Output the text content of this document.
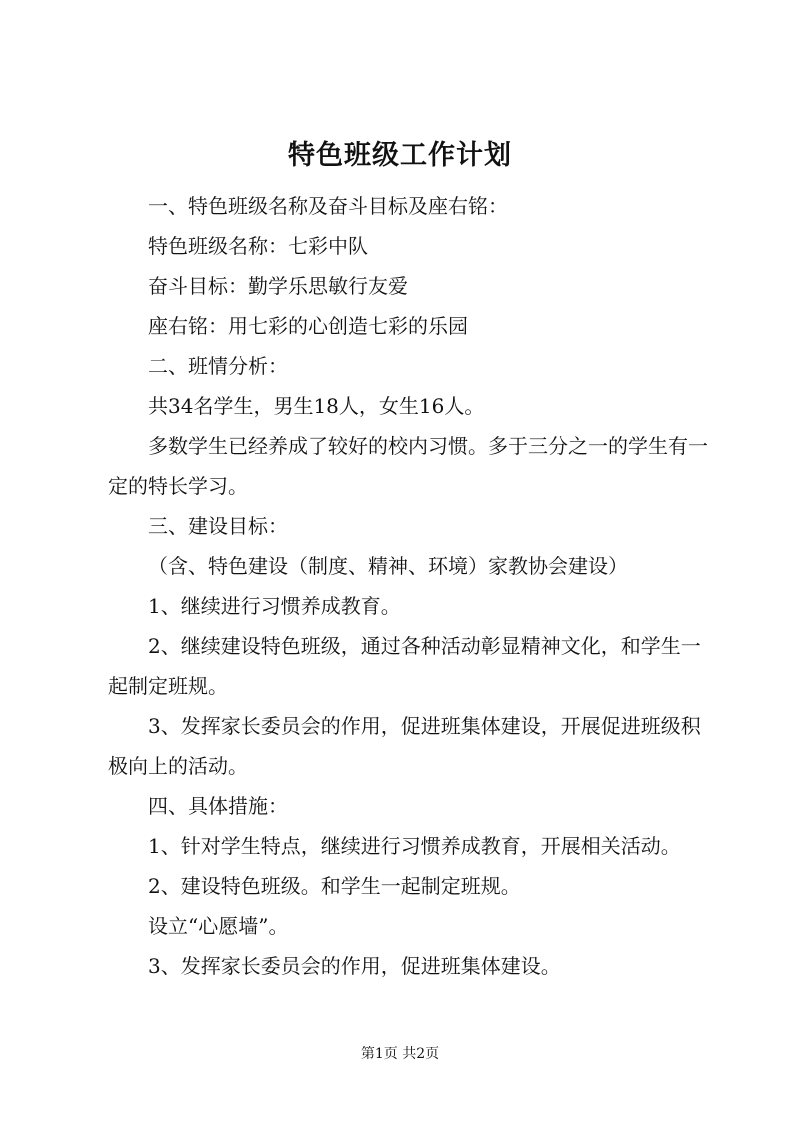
特色班级工作计划

一、特色班级名称及奋斗目标及座右铭：

特色班级名称：七彩中队

奋斗目标：勤学乐思敏行友爱

座右铭：用七彩的心创造七彩的乐园

二、班情分析：

共34名学生，男生18人，女生16人。

多数学生已经养成了较好的校内习惯。多于三分之一的学生有一定的特长学习。

三、建设目标：

（含、特色建设（制度、精神、环境）家教协会建设）

1、继续进行习惯养成教育。

2、继续建设特色班级，通过各种活动彰显精神文化，和学生一起制定班规。

3、发挥家长委员会的作用，促进班集体建设，开展促进班级积极向上的活动。

四、具体措施：

1、针对学生特点，继续进行习惯养成教育，开展相关活动。

2、建设特色班级。和学生一起制定班规。

设立“心愿墙”。

3、发挥家长委员会的作用，促进班集体建设。

第1页 共2页
